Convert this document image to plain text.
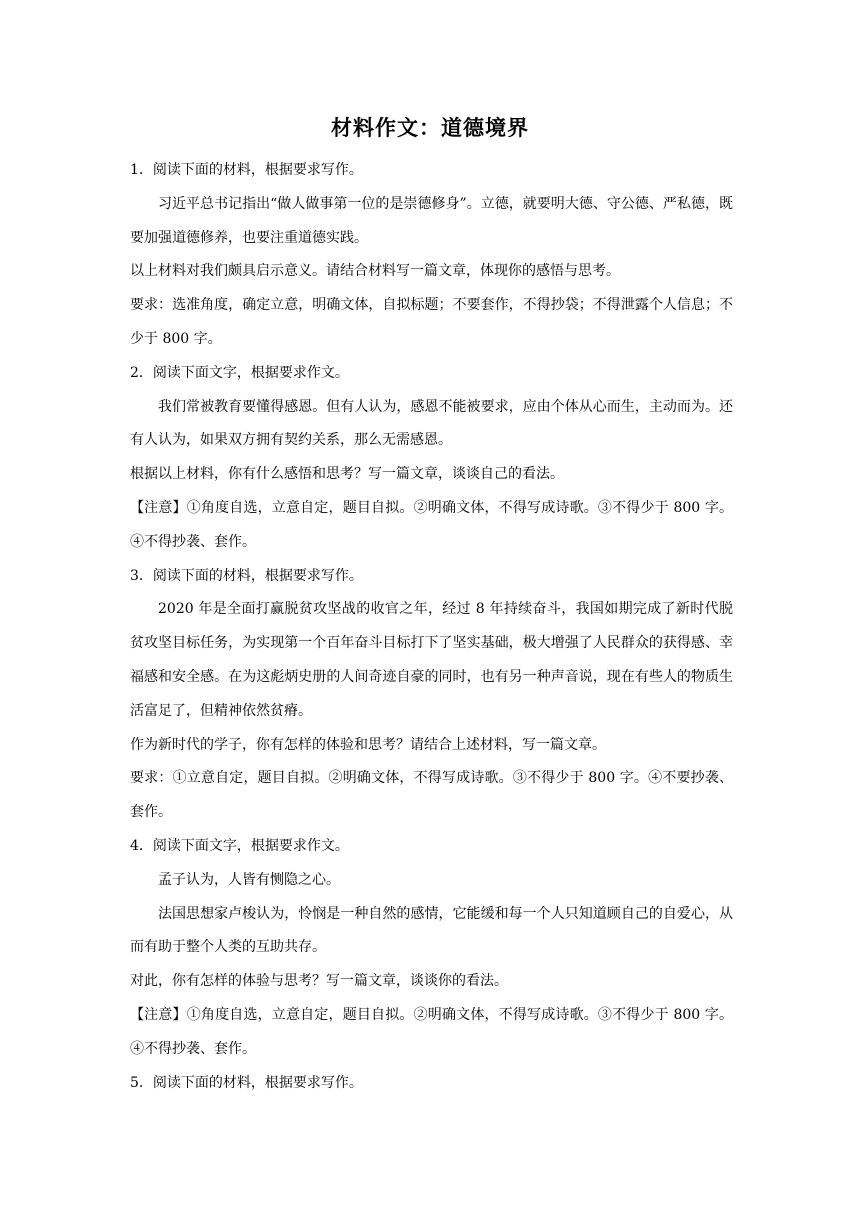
材料作文：道德境界

1．阅读下面的材料，根据要求写作。

习近平总书记指出“做人做事第一位的是崇德修身”。立德，就要明大德、守公德、严私德，既要加强道德修养，也要注重道德实践。

以上材料对我们颇具启示意义。请结合材料写一篇文章，体现你的感悟与思考。

要求：选准角度，确定立意，明确文体，自拟标题；不要套作，不得抄袋；不得泄露个人信息；不少于 800 字。

2．阅读下面文字，根据要求作文。

我们常被教育要懂得感恩。但有人认为，感恩不能被要求，应由个体从心而生，主动而为。还有人认为，如果双方拥有契约关系，那么无需感恩。

根据以上材料，你有什么感悟和思考？写一篇文章，谈谈自己的看法。

【注意】①角度自选，立意自定，题目自拟。②明确文体，不得写成诗歌。③不得少于 800 字。④不得抄袭、套作。

3．阅读下面的材料，根据要求写作。

2020 年是全面打赢脱贫攻坚战的收官之年，经过 8 年持续奋斗，我国如期完成了新时代脱贫攻坚目标任务，为实现第一个百年奋斗目标打下了坚实基础，极大增强了人民群众的获得感、幸福感和安全感。在为这彪炳史册的人间奇迹自豪的同时，也有另一种声音说，现在有些人的物质生活富足了，但精神依然贫瘠。

作为新时代的学子，你有怎样的体验和思考？请结合上述材料，写一篇文章。

要求：①立意自定，题目自拟。②明确文体，不得写成诗歌。③不得少于 800 字。④不要抄袭、套作。

4．阅读下面文字，根据要求作文。

孟子认为，人皆有恻隐之心。

法国思想家卢梭认为，怜悯是一种自然的感情，它能缓和每一个人只知道顾自己的自爱心，从而有助于整个人类的互助共存。

对此，你有怎样的体验与思考？写一篇文章，谈谈你的看法。

【注意】①角度自选，立意自定，题目自拟。②明确文体，不得写成诗歌。③不得少于 800 字。④不得抄袭、套作。

5．阅读下面的材料，根据要求写作。
